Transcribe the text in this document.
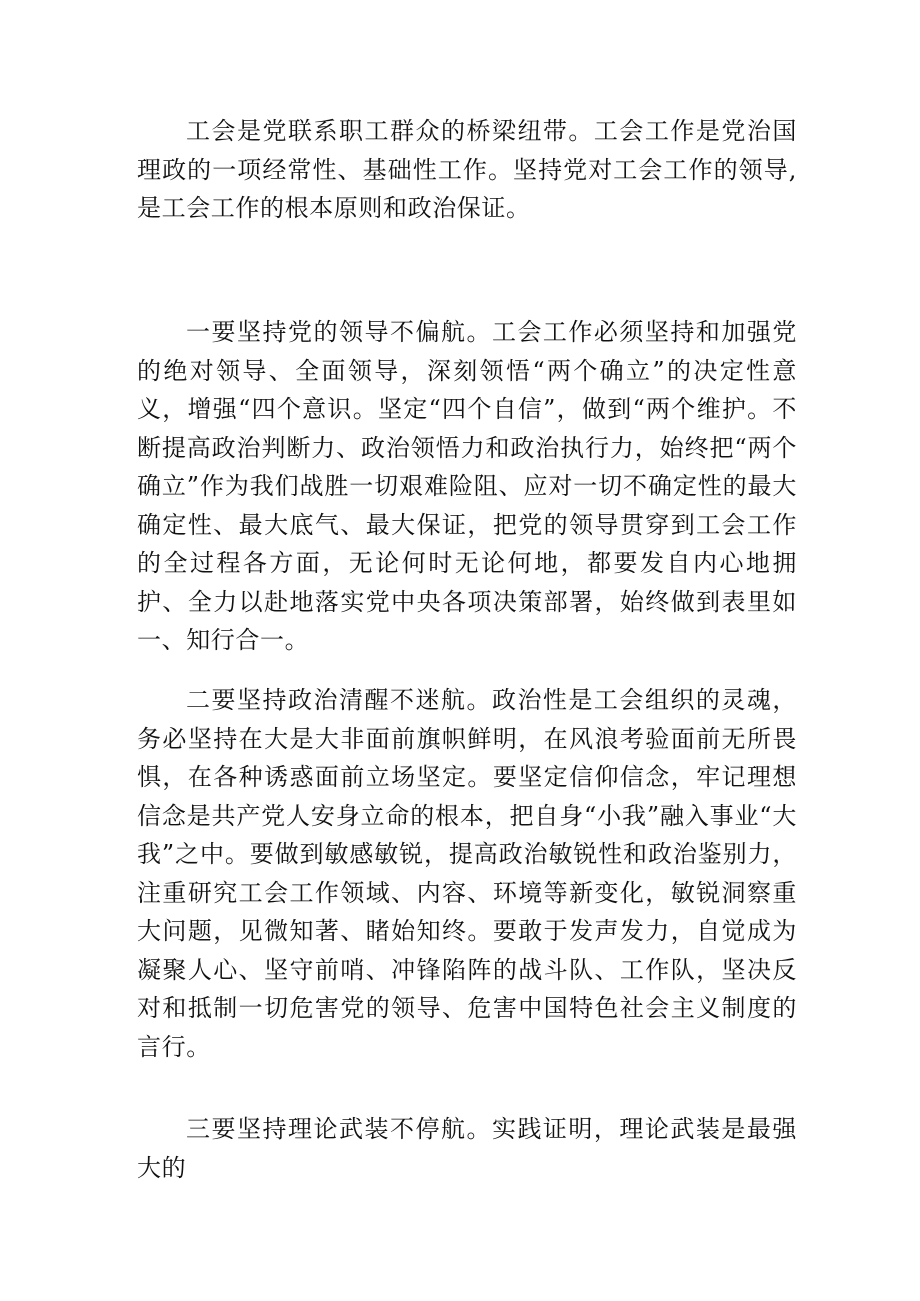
工会是党联系职工群众的桥梁纽带。工会工作是党治国理政的一项经常性、基础性工作。坚持党对工会工作的领导,是工会工作的根本原则和政治保证。

一要坚持党的领导不偏航。工会工作必须坚持和加强党的绝对领导、全面领导，深刻领悟“两个确立”的决定性意义，增强“四个意识。坚定“四个自信”，做到“两个维护。不断提高政治判断力、政治领悟力和政治执行力，始终把“两个确立”作为我们战胜一切艰难险阻、应对一切不确定性的最大确定性、最大底气、最大保证，把党的领导贯穿到工会工作的全过程各方面，无论何时无论何地，都要发自内心地拥护、全力以赴地落实党中央各项决策部署，始终做到表里如一、知行合一。

二要坚持政治清醒不迷航。政治性是工会组织的灵魂，务必坚持在大是大非面前旗帜鲜明，在风浪考验面前无所畏惧，在各种诱惑面前立场坚定。要坚定信仰信念，牢记理想信念是共产党人安身立命的根本，把自身“小我”融入事业“大我”之中。要做到敏感敏锐，提高政治敏锐性和政治鉴别力，注重研究工会工作领域、内容、环境等新变化，敏锐洞察重大问题，见微知著、睹始知终。要敢于发声发力，自觉成为凝聚人心、坚守前哨、冲锋陷阵的战斗队、工作队，坚决反对和抵制一切危害党的领导、危害中国特色社会主义制度的言行。

三要坚持理论武装不停航。实践证明，理论武装是最强大的
